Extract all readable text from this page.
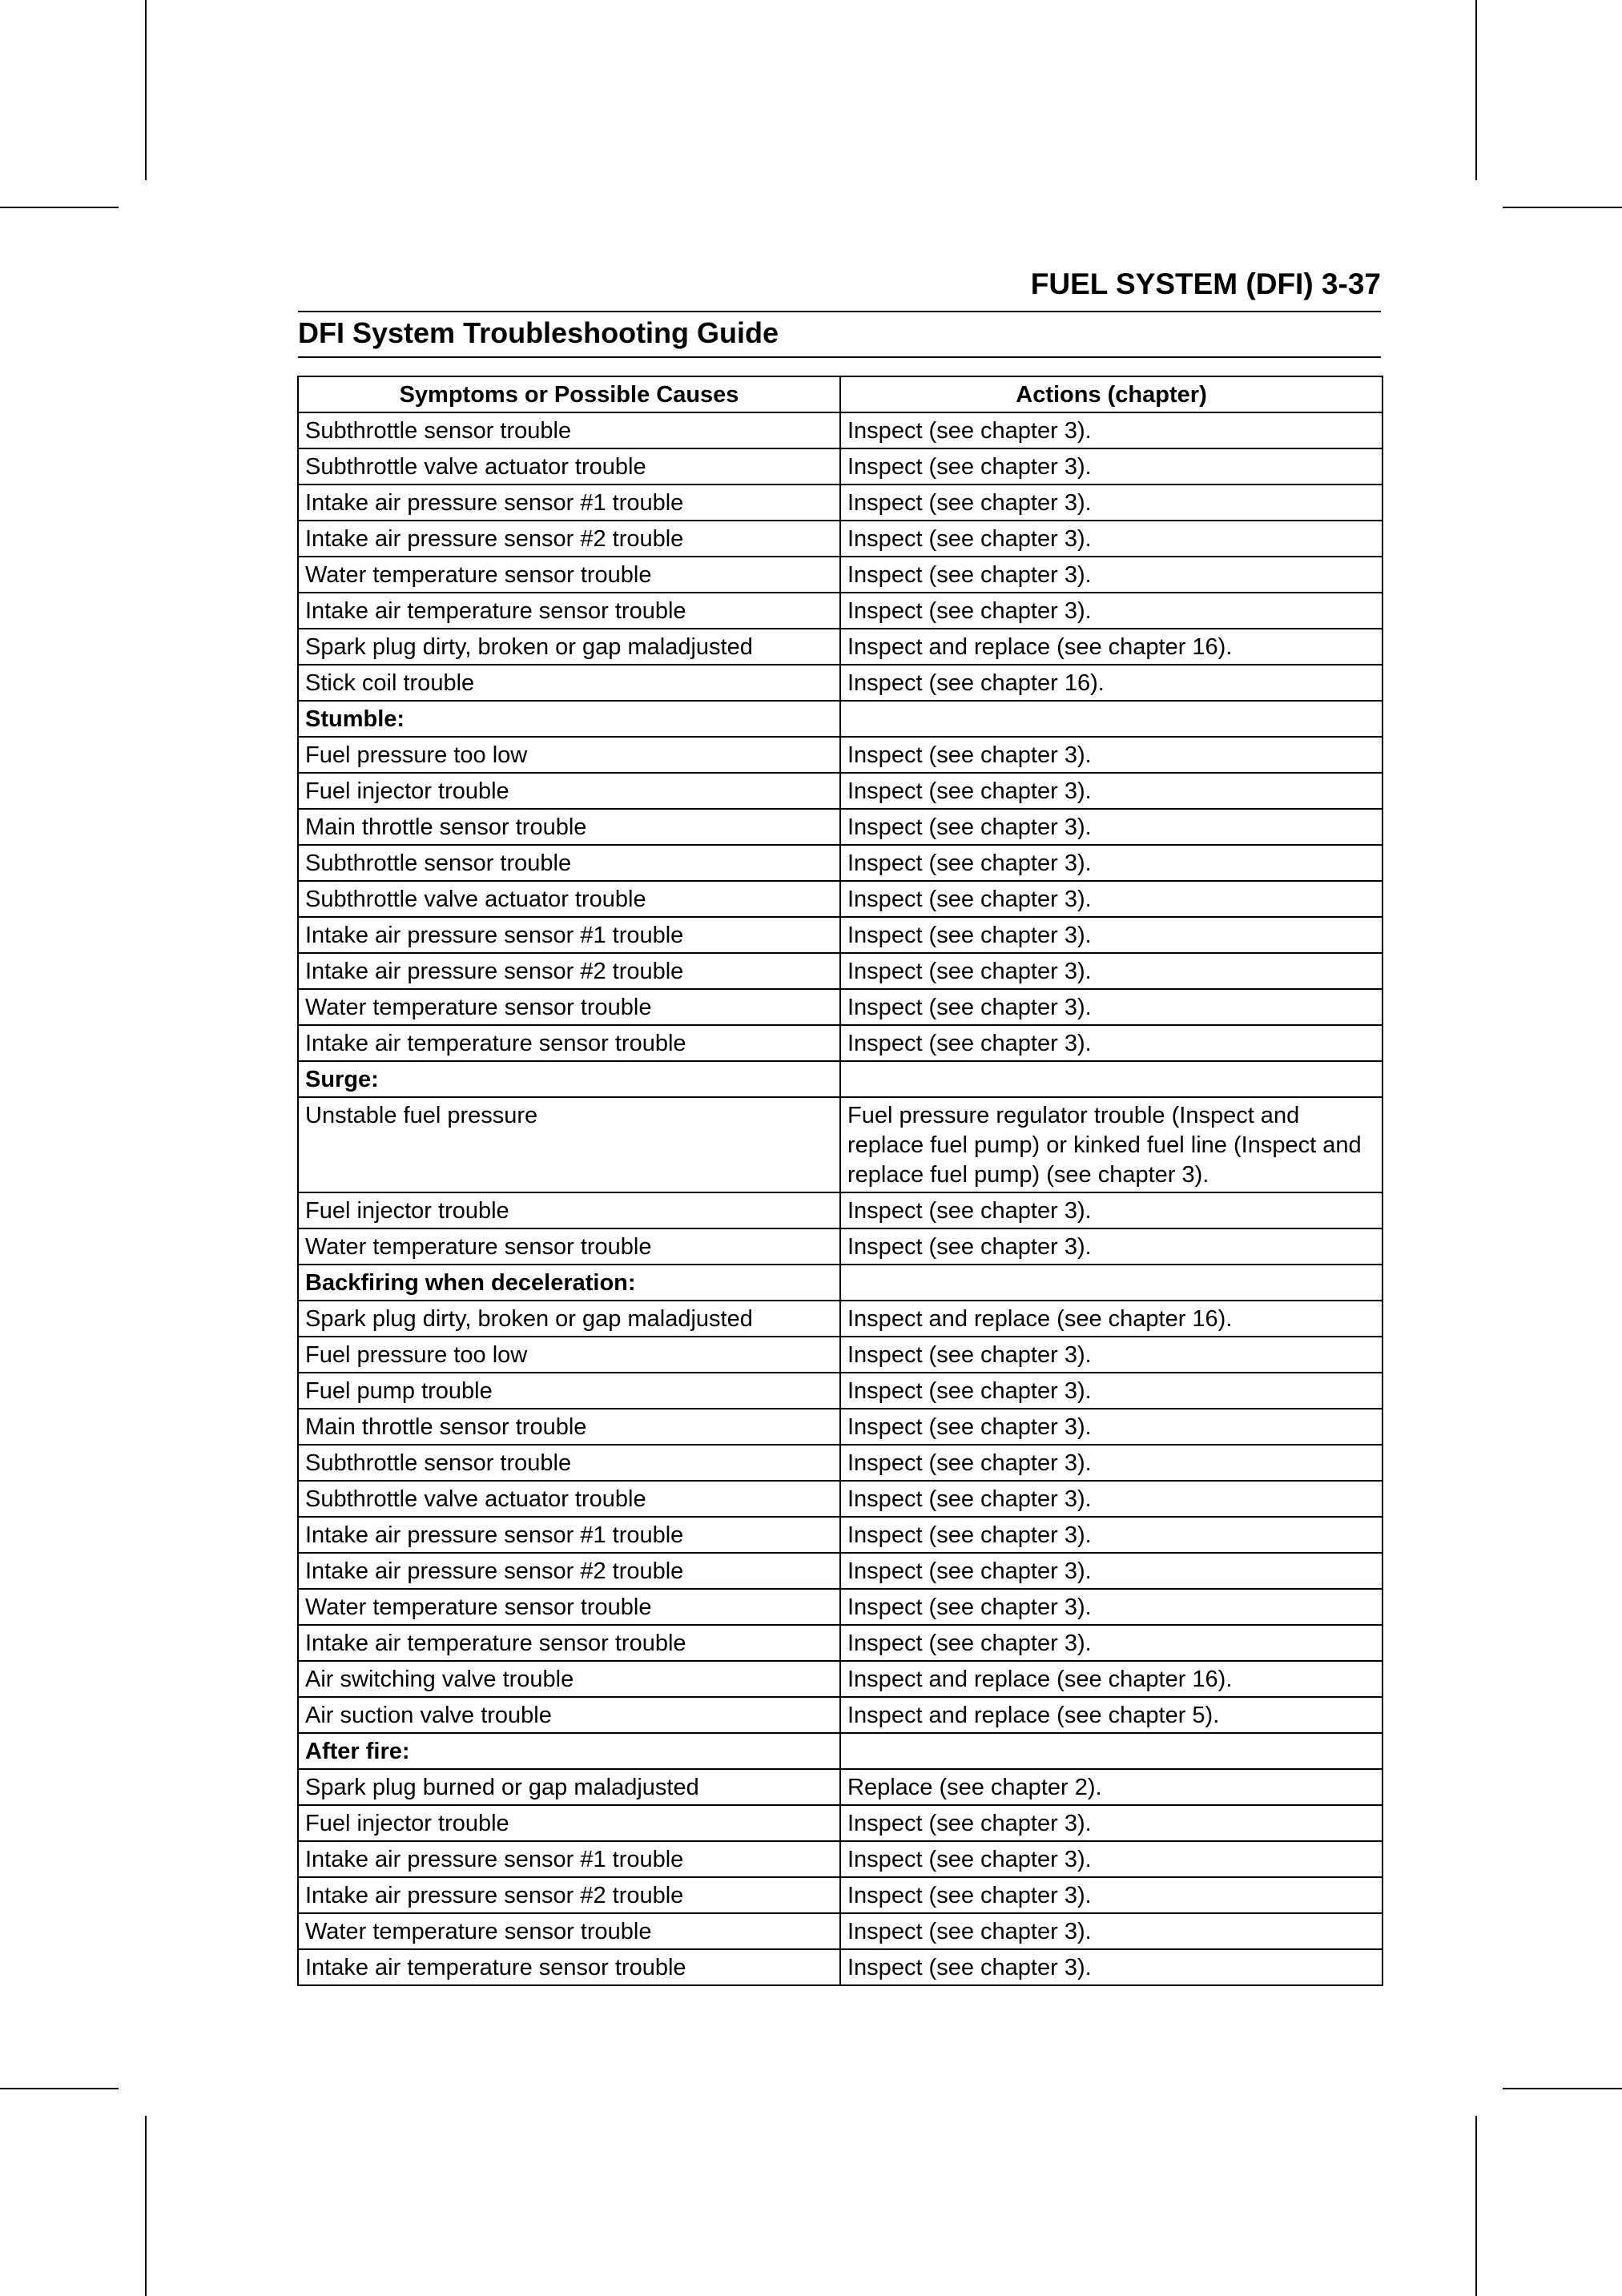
FUEL SYSTEM (DFI) 3-37
DFI System Troubleshooting Guide
Symptoms or Possible Causes	Actions (chapter)
Subthrottle sensor trouble	Inspect (see chapter 3).
Subthrottle valve actuator trouble	Inspect (see chapter 3).
Intake air pressure sensor #1 trouble	Inspect (see chapter 3).
Intake air pressure sensor #2 trouble	Inspect (see chapter 3).
Water temperature sensor trouble	Inspect (see chapter 3).
Intake air temperature sensor trouble	Inspect (see chapter 3).
Spark plug dirty, broken or gap maladjusted	Inspect and replace (see chapter 16).
Stick coil trouble	Inspect (see chapter 16).
Stumble:	
Fuel pressure too low	Inspect (see chapter 3).
Fuel injector trouble	Inspect (see chapter 3).
Main throttle sensor trouble	Inspect (see chapter 3).
Subthrottle sensor trouble	Inspect (see chapter 3).
Subthrottle valve actuator trouble	Inspect (see chapter 3).
Intake air pressure sensor #1 trouble	Inspect (see chapter 3).
Intake air pressure sensor #2 trouble	Inspect (see chapter 3).
Water temperature sensor trouble	Inspect (see chapter 3).
Intake air temperature sensor trouble	Inspect (see chapter 3).
Surge:	
Unstable fuel pressure	Fuel pressure regulator trouble (Inspect and replace fuel pump) or kinked fuel line (Inspect and replace fuel pump) (see chapter 3).
Fuel injector trouble	Inspect (see chapter 3).
Water temperature sensor trouble	Inspect (see chapter 3).
Backfiring when deceleration:	
Spark plug dirty, broken or gap maladjusted	Inspect and replace (see chapter 16).
Fuel pressure too low	Inspect (see chapter 3).
Fuel pump trouble	Inspect (see chapter 3).
Main throttle sensor trouble	Inspect (see chapter 3).
Subthrottle sensor trouble	Inspect (see chapter 3).
Subthrottle valve actuator trouble	Inspect (see chapter 3).
Intake air pressure sensor #1 trouble	Inspect (see chapter 3).
Intake air pressure sensor #2 trouble	Inspect (see chapter 3).
Water temperature sensor trouble	Inspect (see chapter 3).
Intake air temperature sensor trouble	Inspect (see chapter 3).
Air switching valve trouble	Inspect and replace (see chapter 16).
Air suction valve trouble	Inspect and replace (see chapter 5).
After fire:	
Spark plug burned or gap maladjusted	Replace (see chapter 2).
Fuel injector trouble	Inspect (see chapter 3).
Intake air pressure sensor #1 trouble	Inspect (see chapter 3).
Intake air pressure sensor #2 trouble	Inspect (see chapter 3).
Water temperature sensor trouble	Inspect (see chapter 3).
Intake air temperature sensor trouble	Inspect (see chapter 3).
